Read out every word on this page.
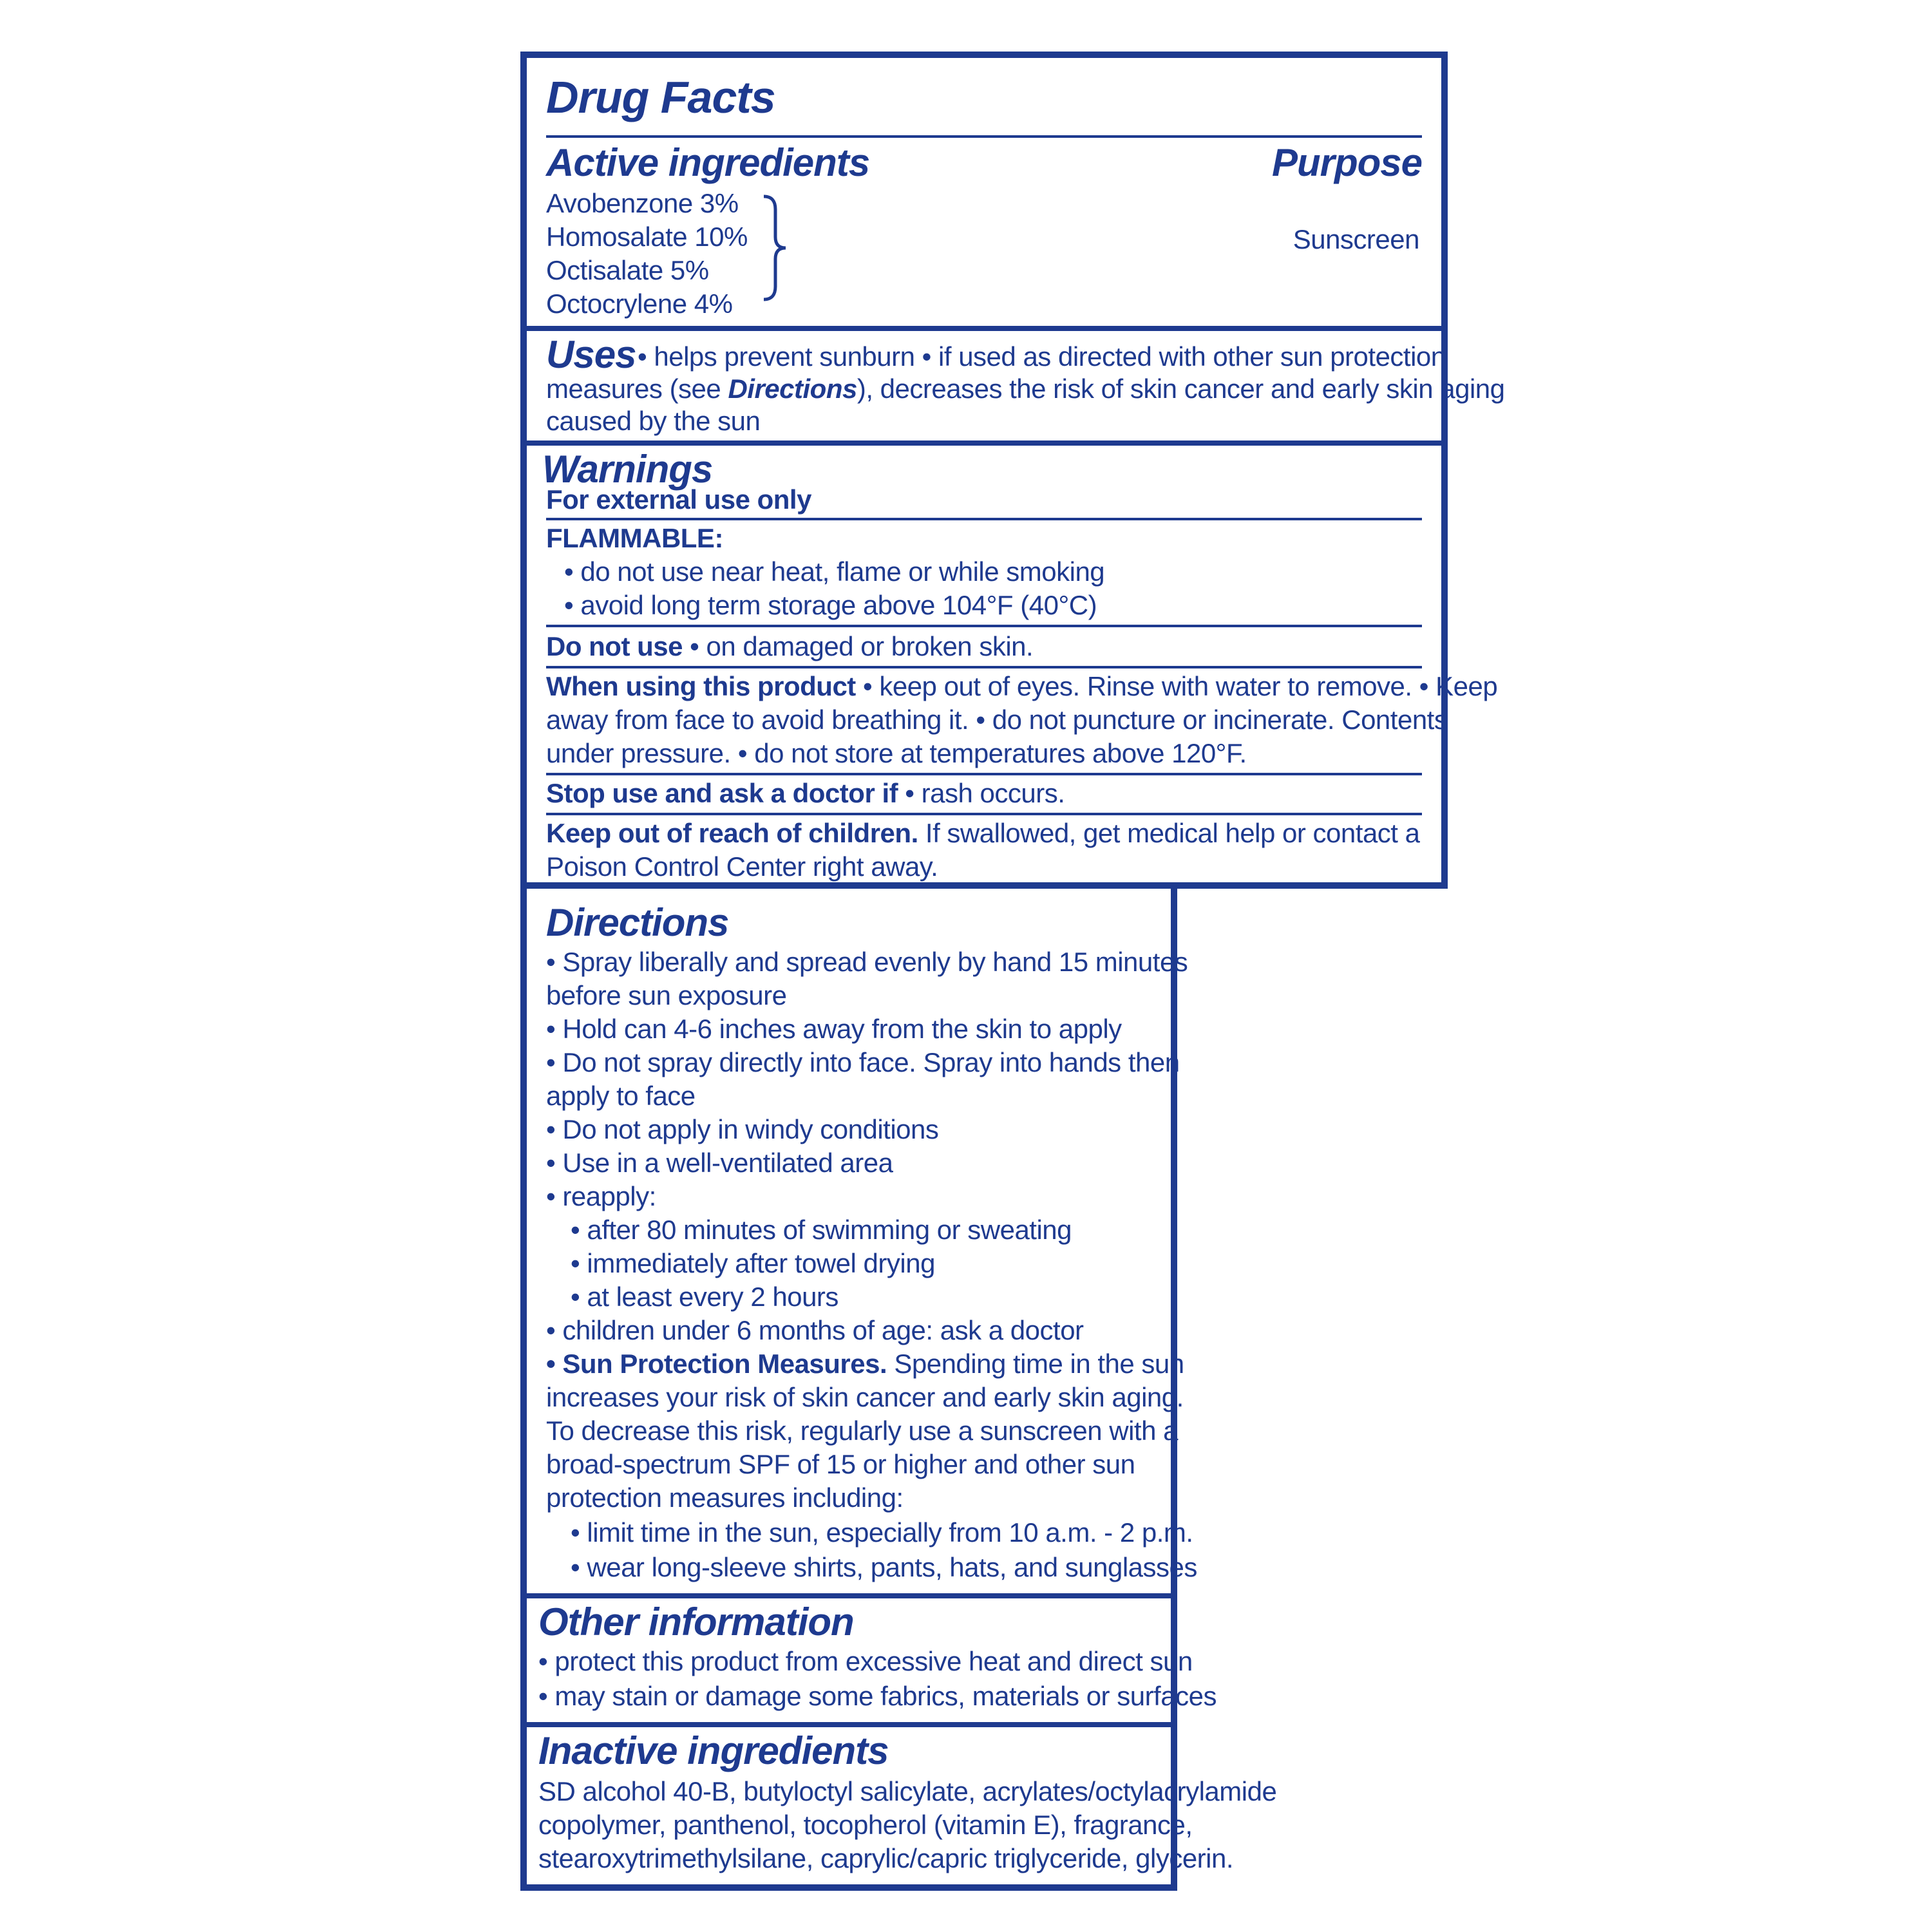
Drug Facts
Active ingredients	Purpose
Avobenzone 3%
Homosalate 10%
Octisalate 5%
Octocrylene 4%
Sunscreen
Uses • helps prevent sunburn • if used as directed with other sun protection
measures (see Directions), decreases the risk of skin cancer and early skin aging
caused by the sun
Warnings
For external use only
FLAMMABLE:
• do not use near heat, flame or while smoking
• avoid long term storage above 104°F (40°C)
Do not use • on damaged or broken skin.
When using this product • keep out of eyes. Rinse with water to remove. • Keep
away from face to avoid breathing it. • do not puncture or incinerate. Contents
under pressure. • do not store at temperatures above 120°F.
Stop use and ask a doctor if • rash occurs.
Keep out of reach of children. If swallowed, get medical help or contact a
Poison Control Center right away.
Directions
• Spray liberally and spread evenly by hand 15 minutes
before sun exposure
• Hold can 4-6 inches away from the skin to apply
• Do not spray directly into face. Spray into hands then
apply to face
• Do not apply in windy conditions
• Use in a well-ventilated area
• reapply:
• after 80 minutes of swimming or sweating
• immediately after towel drying
• at least every 2 hours
• children under 6 months of age: ask a doctor
• Sun Protection Measures. Spending time in the sun
increases your risk of skin cancer and early skin aging.
To decrease this risk, regularly use a sunscreen with a
broad-spectrum SPF of 15 or higher and other sun
protection measures including:
• limit time in the sun, especially from 10 a.m. - 2 p.m.
• wear long-sleeve shirts, pants, hats, and sunglasses
Other information
• protect this product from excessive heat and direct sun
• may stain or damage some fabrics, materials or surfaces
Inactive ingredients
SD alcohol 40-B, butyloctyl salicylate, acrylates/octylacrylamide
copolymer, panthenol, tocopherol (vitamin E), fragrance,
stearoxytrimethylsilane, caprylic/capric triglyceride, glycerin.
